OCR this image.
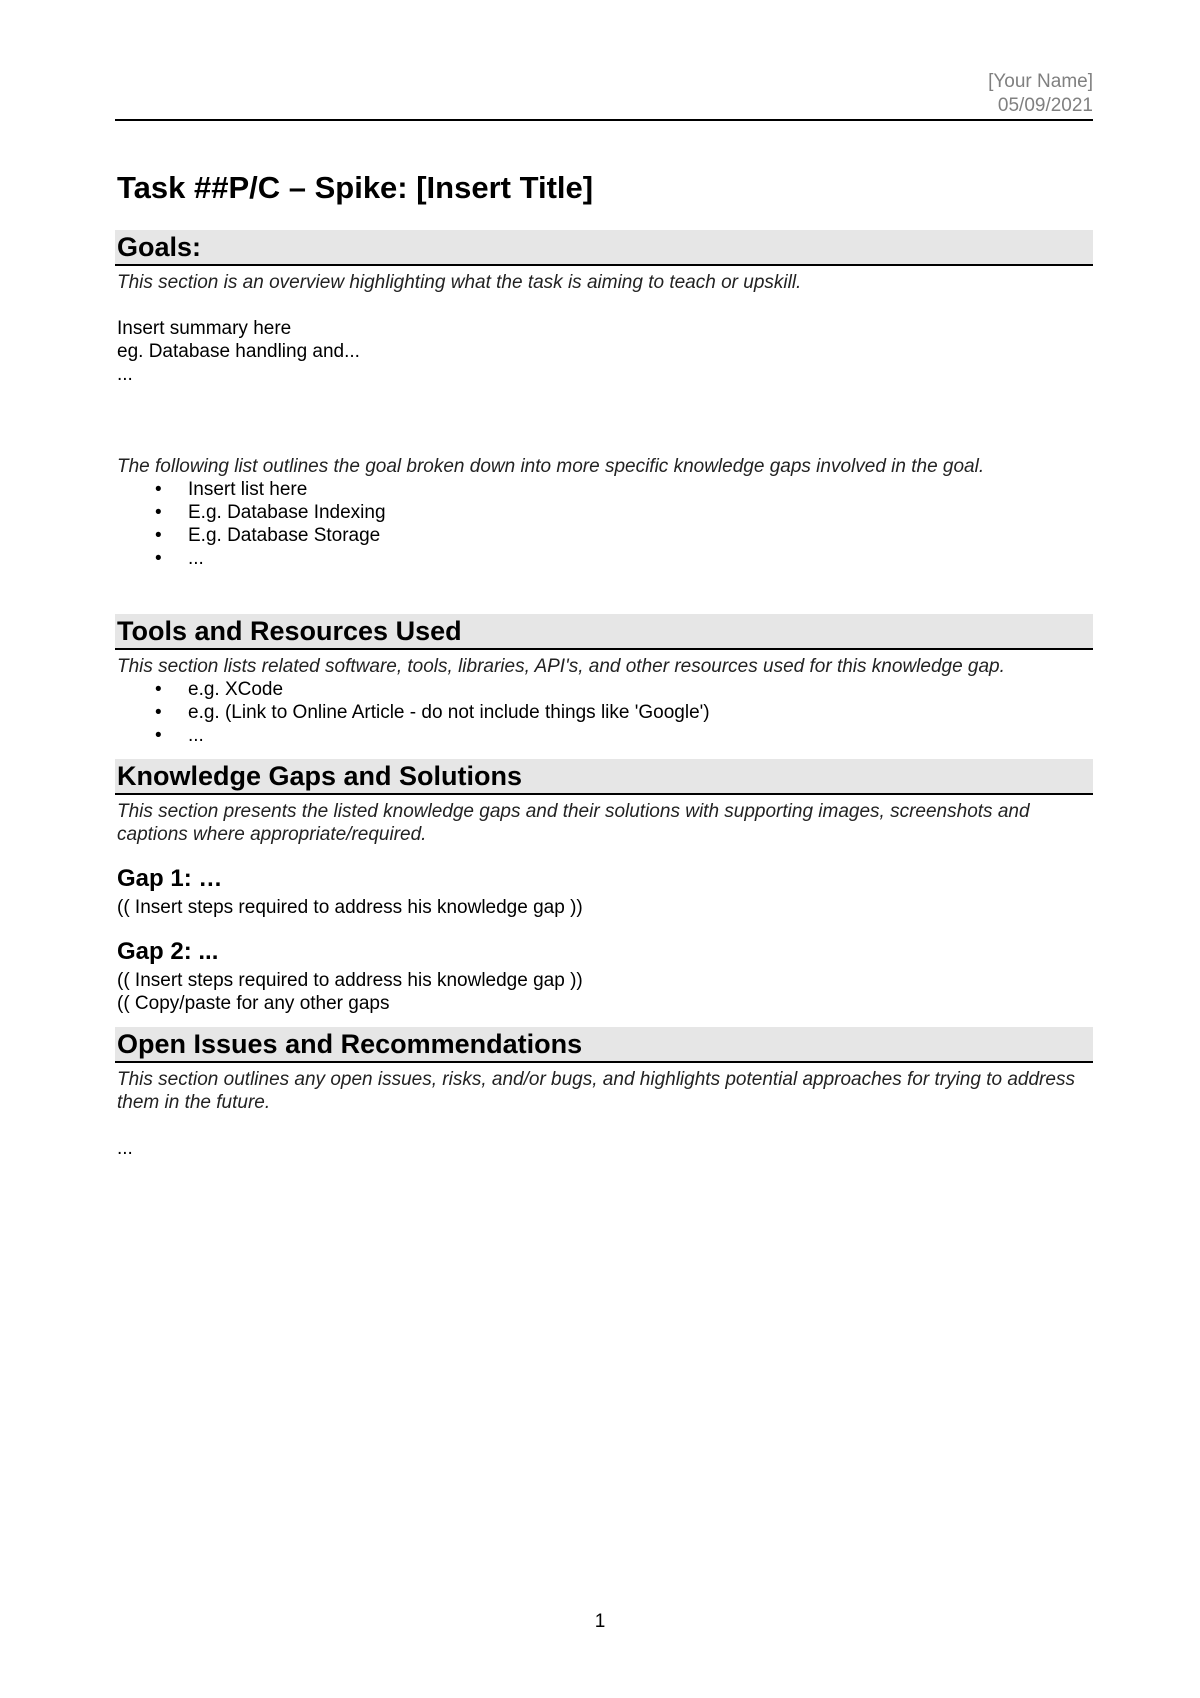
[Your Name]
05/09/2021
Task ##P/C – Spike: [Insert Title]
Goals:
This section is an overview highlighting what the task is aiming to teach or upskill.
Insert summary here
eg. Database handling and...
...
The following list outlines the goal broken down into more specific knowledge gaps involved in the goal.
• Insert list here
• E.g. Database Indexing
• E.g. Database Storage
• ...
Tools and Resources Used
This section lists related software, tools, libraries, API's, and other resources used for this knowledge gap.
• e.g. XCode
• e.g. (Link to Online Article - do not include things like 'Google')
• ...
Knowledge Gaps and Solutions
This section presents the listed knowledge gaps and their solutions with supporting images, screenshots and captions where appropriate/required.
Gap 1: …
(( Insert steps required to address his knowledge gap ))
Gap 2: ...
(( Insert steps required to address his knowledge gap ))
(( Copy/paste for any other gaps
Open Issues and Recommendations
This section outlines any open issues, risks, and/or bugs, and highlights potential approaches for trying to address them in the future.
...
1
